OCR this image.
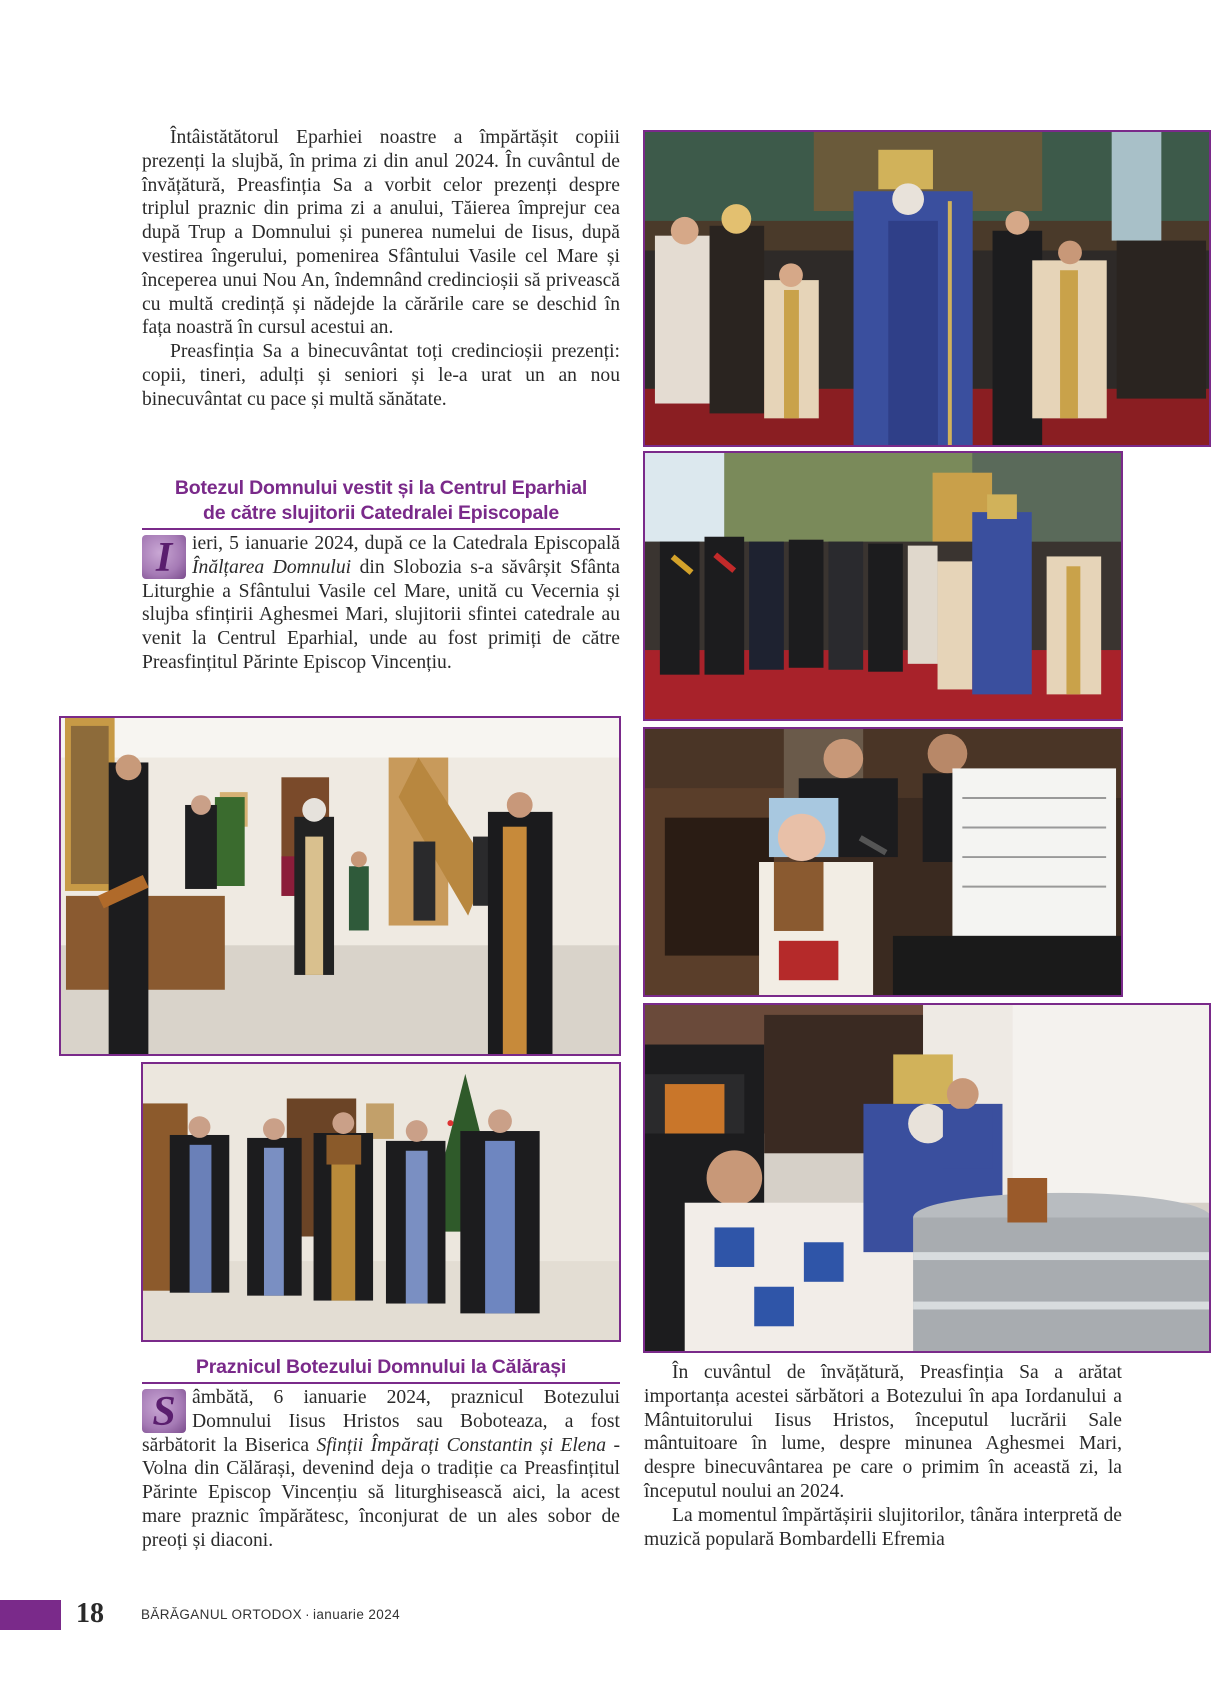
Întâistătătorul Eparhiei noastre a împărtășit copiii prezenți la slujbă, în prima zi din anul 2024. În cuvântul de învățătură, Preasfinția Sa a vorbit celor prezenți despre triplul praznic din prima zi a anului, Tăierea împrejur cea după Trup a Domnului și punerea numelui de Iisus, după vestirea îngerului, pomenirea Sfântului Vasile cel Mare și începerea unui Nou An, îndemnând credincioșii să privească cu multă credință și nădejde la cărările care se deschid în fața noastră în cursul acestui an.

Preasfinția Sa a binecuvântat toți credincioșii prezenți: copii, tineri, adulți și seniori și le-a urat un an nou binecuvântat cu pace și multă sănătate.

Botezul Domnului vestit și la Centrul Eparhial

de către slujitorii Catedralei Episcopale

I	ieri, 5 ianuarie 2024, după ce la Catedrala Episcopală Înălțarea Domnului din Slobozia s-a săvârșit Sfânta Liturghie a Sfântului Vasile cel Mare, unită cu Vecernia și slujba sfințirii Aghesmei Mari, slujitorii sfintei catedrale au venit la Centrul Eparhial, unde au fost primiți de către Preasfințitul Părinte Episcop Vincențiu.

Praznicul Botezului Domnului la Călărași

S âmbătă, 6 ianuarie 2024, praznicul Botezului Domnului Iisus Hristos sau Boboteaza, a fost sărbătorit la Biserica Sfinții Împărați Constantin și Elena - Volna din Călărași, devenind deja o tradiție ca Preasfințitul Părinte Episcop Vincențiu să liturghisească aici, la acest mare praznic împărătesc, înconjurat de un ales sobor de preoți și diaconi.

În cuvântul de învățătură, Preasfinția Sa a arătat importanța acestei sărbători a Botezului în apa Iordanului a Mântuitorului Iisus Hristos, începutul lucrării Sale mântuitoare în lume, despre minunea Aghesmei Mari, despre binecuvântarea pe care o primim în această zi, la începutul noului an 2024.

La momentul împărtășirii slujitorilor, tânăra interpretă de muzică populară Bombardelli Efremia

18	BĂRĂGANUL ORTODOX · ianuarie 2024
